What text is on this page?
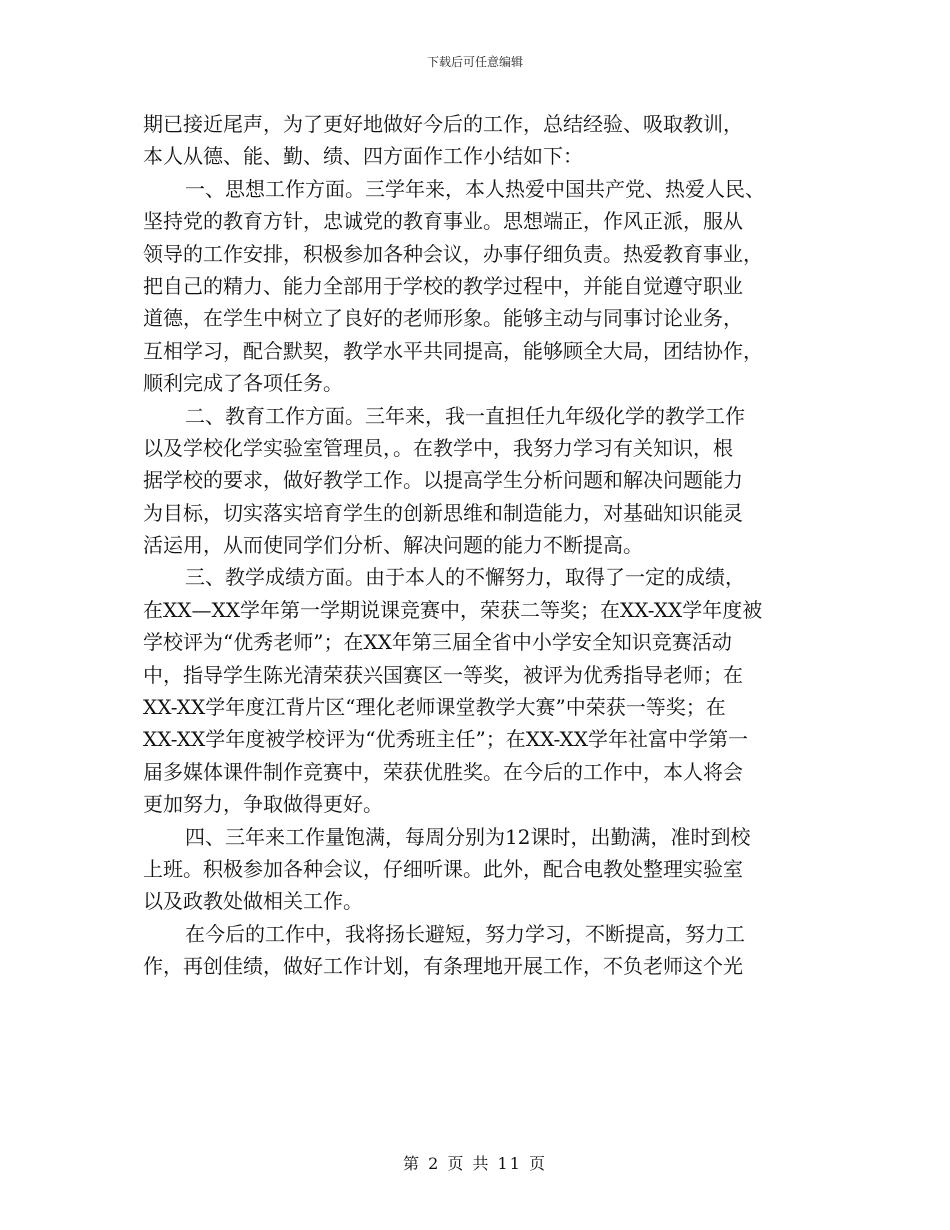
下载后可任意编辑
期已接近尾声，为了更好地做好今后的工作，总结经验、吸取教训，
本人从德、能、勤、绩、四方面作工作小结如下：
一、思想工作方面。三学年来，本人热爱中国共产党、热爱人民、
坚持党的教育方针，忠诚党的教育事业。思想端正，作风正派，服从
领导的工作安排，积极参加各种会议，办事仔细负责。热爱教育事业，
把自己的精力、能力全部用于学校的教学过程中，并能自觉遵守职业
道德，在学生中树立了良好的老师形象。能够主动与同事讨论业务，
互相学习，配合默契，教学水平共同提高，能够顾全大局，团结协作，
顺利完成了各项任务。
二、教育工作方面。三年来，我一直担任九年级化学的教学工作
以及学校化学实验室管理员，。在教学中，我努力学习有关知识，根
据学校的要求，做好教学工作。以提高学生分析问题和解决问题能力
为目标，切实落实培育学生的创新思维和制造能力，对基础知识能灵
活运用，从而使同学们分析、解决问题的能力不断提高。
三、教学成绩方面。由于本人的不懈努力，取得了一定的成绩，
在XX—XX学年第一学期说课竞赛中，荣获二等奖；在XX-XX学年度被
学校评为“优秀老师”；在XX年第三届全省中小学安全知识竞赛活动
中，指导学生陈光清荣获兴国赛区一等奖，被评为优秀指导老师；在
XX-XX学年度江背片区“理化老师课堂教学大赛”中荣获一等奖；在
XX-XX学年度被学校评为“优秀班主任”；在XX-XX学年社富中学第一
届多媒体课件制作竞赛中，荣获优胜奖。在今后的工作中，本人将会
更加努力，争取做得更好。
四、三年来工作量饱满，每周分别为12课时，出勤满，准时到校
上班。积极参加各种会议，仔细听课。此外，配合电教处整理实验室
以及政教处做相关工作。
在今后的工作中，我将扬长避短，努力学习，不断提高，努力工
作，再创佳绩，做好工作计划，有条理地开展工作，不负老师这个光
第 2 页 共 11 页
